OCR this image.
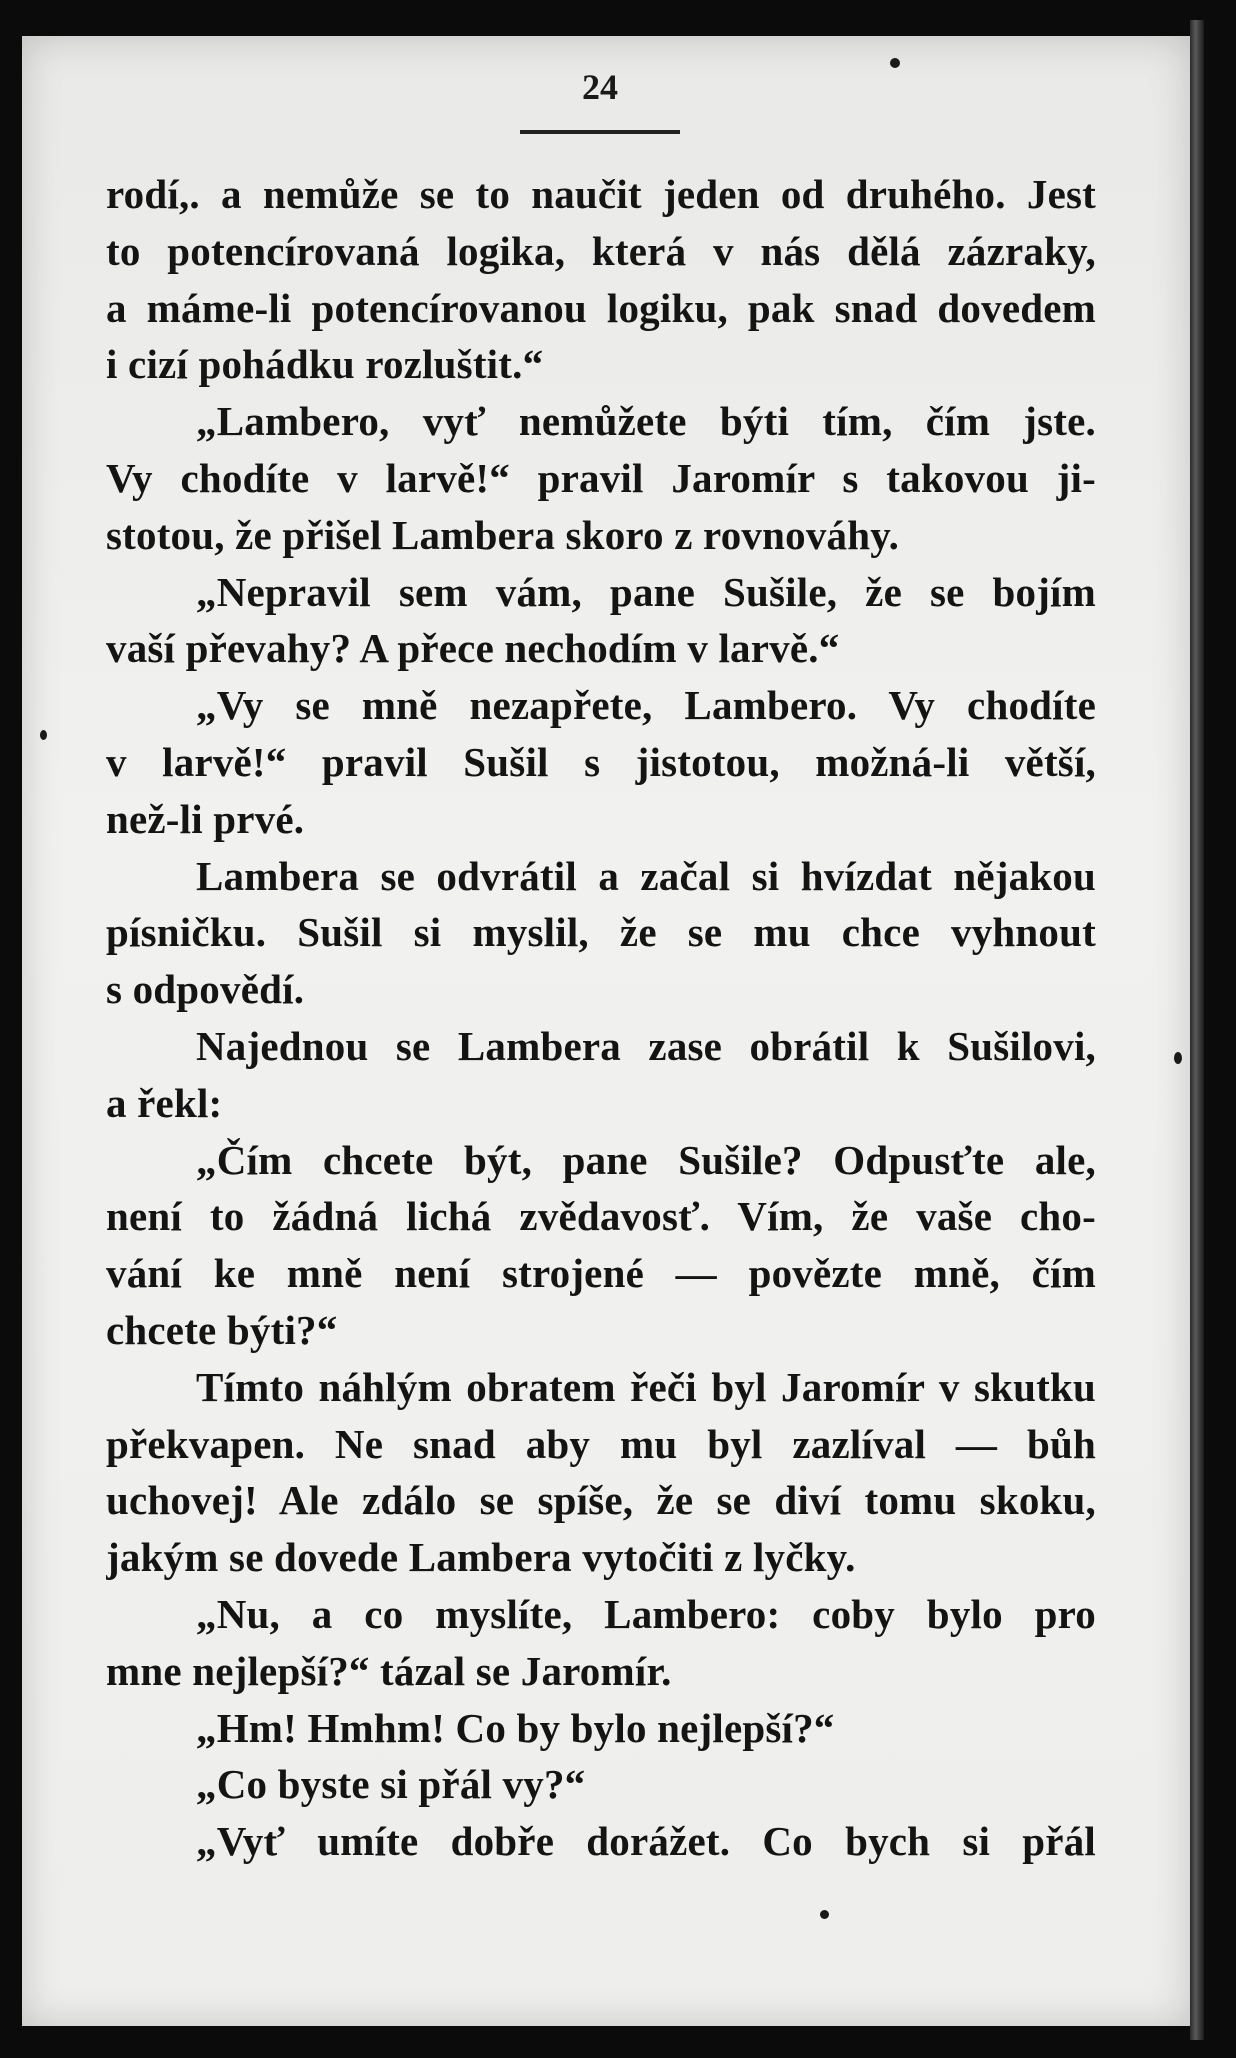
24
rodí,. a nemůže se to naučit jeden od druhého. Jest
to potencírovaná logika, která v nás dělá zázraky,
a máme-li potencírovanou logiku, pak snad dovedem
i cizí pohádku rozluštit.“
„Lambero, vyť nemůžete býti tím, čím jste.
Vy chodíte v larvě!“ pravil Jaromír s takovou ji-
stotou, že přišel Lambera skoro z rovnováhy.
„Nepravil sem vám, pane Sušile, že se bojím
vaší převahy? A přece nechodím v larvě.“
„Vy se mně nezapřete, Lambero. Vy chodíte
v larvě!“ pravil Sušil s jistotou, možná-li větší,
než-li prvé.
Lambera se odvrátil a začal si hvízdat nějakou
písničku. Sušil si myslil, že se mu chce vyhnout
s odpovědí.
Najednou se Lambera zase obrátil k Sušilovi,
a řekl:
„Čím chcete být, pane Sušile? Odpusťte ale,
není to žádná lichá zvědavosť. Vím, že vaše cho-
vání ke mně není strojené — povězte mně, čím
chcete býti?“
Tímto náhlým obratem řeči byl Jaromír v skutku
překvapen. Ne snad aby mu byl zazlíval — bůh
uchovej! Ale zdálo se spíše, že se diví tomu skoku,
jakým se dovede Lambera vytočiti z lyčky.
„Nu, a co myslíte, Lambero: coby bylo pro
mne nejlepší?“ tázal se Jaromír.
„Hm! Hmhm! Co by bylo nejlepší?“
„Co byste si přál vy?“
„Vyť umíte dobře dorážet. Co bych si přál
